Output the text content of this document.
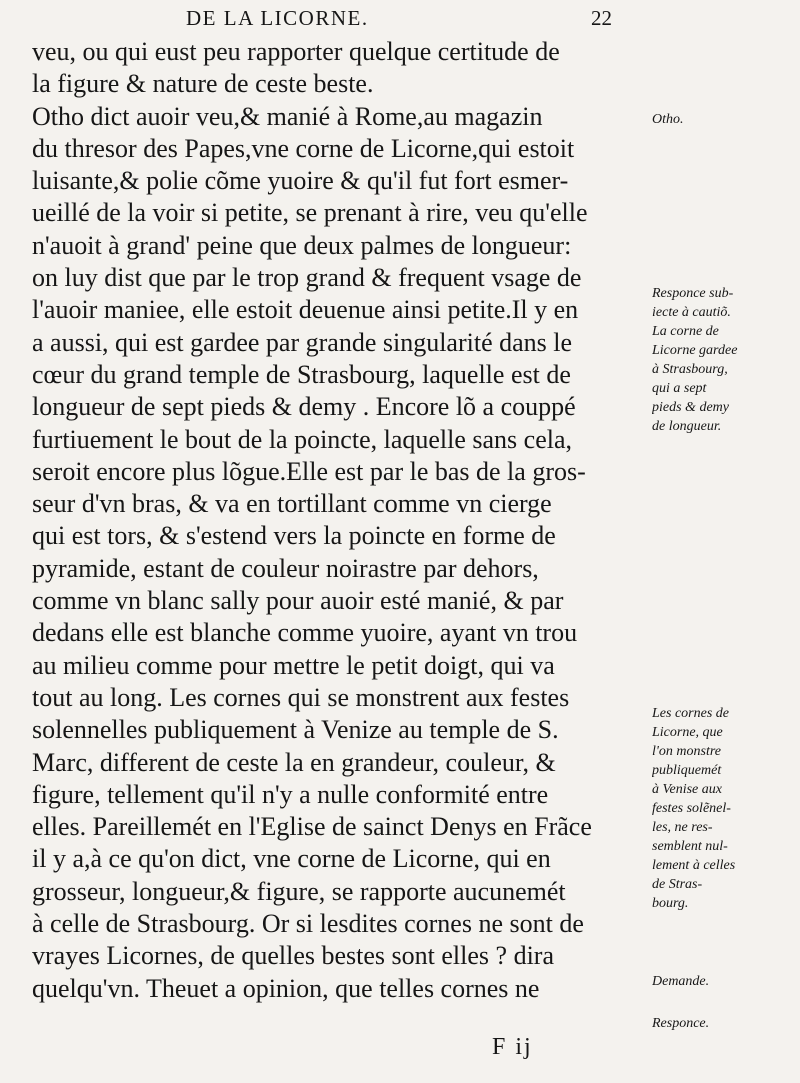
DE LA LICORNE.	22
veu, ou qui eust peu rapporter quelque certitude de
la figure & nature de ceste beste.
Otho dict auoir veu,& manié à Rome,au magazin
du thresor des Papes,vne corne de Licorne,qui estoit
luisante,& polie cõme yuoire & qu'il fut fort esmer-
ueillé de la voir si petite, se prenant à rire, veu qu'elle
n'auoit à grand' peine que deux palmes de longueur:
on luy dist que par le trop grand & frequent vsage de
l'auoir maniee, elle estoit deuenue ainsi petite.Il y en
a aussi, qui est gardee par grande singularité dans le
cœur du grand temple de Strasbourg, laquelle est de
longueur de sept pieds & demy . Encore lõ a couppé
furtiuement le bout de la poincte, laquelle sans cela,
seroit encore plus lõgue.Elle est par le bas de la gros-
seur d'vn bras, & va en tortillant comme vn cierge
qui est tors, & s'estend vers la poincte en forme de
pyramide, estant de couleur noirastre par dehors,
comme vn blanc sally pour auoir esté manié, & par
dedans elle est blanche comme yuoire, ayant vn trou
au milieu comme pour mettre le petit doigt, qui va
tout au long. Les cornes qui se monstrent aux festes
solennelles publiquement à Venize au temple de S.
Marc, different de ceste la en grandeur, couleur, &
figure, tellement qu'il n'y a nulle conformité entre
elles. Pareillemét en l'Eglise de sainct Denys en Frãce
il y a,à ce qu'on dict, vne corne de Licorne, qui en
grosseur, longueur,& figure, se rapporte aucunemét
à celle de Strasbourg. Or si lesdites cornes ne sont de
vrayes Licornes, de quelles bestes sont elles ? dira
quelqu'vn. Theuet a opinion, que telles cornes ne
Otho.
Responce sub-
iecte à cautiõ.
La corne de
Licorne gardee
à Strasbourg,
qui a sept
pieds & demy
de longueur.
Les cornes de
Licorne, que
l'on monstre
publiquemét
à Venise aux
festes solẽnel-
les, ne res-
semblent nul-
lement à celles
de Stras-
bourg.
Demande.
Responce.
F ij
